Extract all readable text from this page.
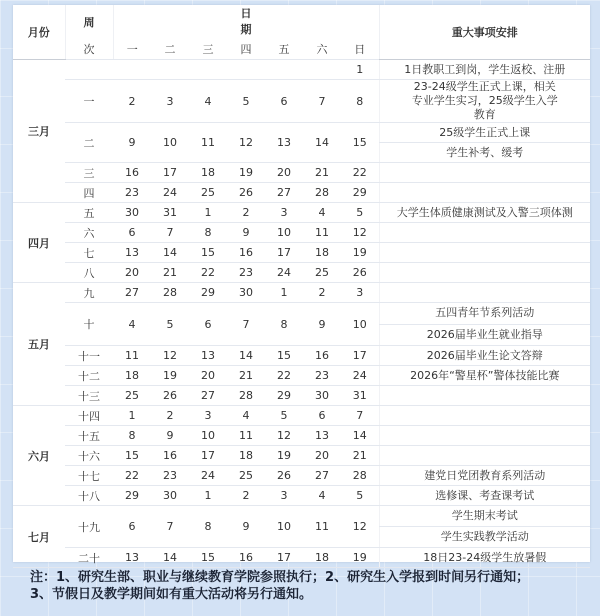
月份	周	日
期							重大事项安排
	次	一	二	三	四	五	六	日	
三月								1	1日教职工到岗，学生返校、注册
	一	2	3	4	5	6	7	8	23-24级学生正式上课，相关专业学生实习，25级学生入学教育
	二	9	10	11	12	13	14	15	25级学生正式上课
									学生补考、缓考
	三	16	17	18	19	20	21	22	
	四	23	24	25	26	27	28	29	
四月	五	30	31	1	2	3	4	5	大学生体质健康测试及入警三项体测
	六	6	7	8	9	10	11	12	
	七	13	14	15	16	17	18	19	
	八	20	21	22	23	24	25	26	
五月	九	27	28	29	30	1	2	3	
	十	4	5	6	7	8	9	10	五四青年节系列活动
									2026届毕业生就业指导
	十一	11	12	13	14	15	16	17	2026届毕业生论文答辩
	十二	18	19	20	21	22	23	24	2026年“警星杯”警体技能比赛
	十三	25	26	27	28	29	30	31	
六月	十四	1	2	3	4	5	6	7	
	十五	8	9	10	11	12	13	14	
	十六	15	16	17	18	19	20	21	
	十七	22	23	24	25	26	27	28	建党日党团教育系列活动
	十八	29	30	1	2	3	4	5	选修课、考查课考试
七月	十九	6	7	8	9	10	11	12	学生期末考试
									学生实践教学活动
	二十	13	14	15	16	17	18	19	18日23-24级学生放暑假
注：1、研究生部、职业与继续教育学院参照执行；2、研究生入学报到时间另行通知；
3、节假日及教学期间如有重大活动将另行通知。
